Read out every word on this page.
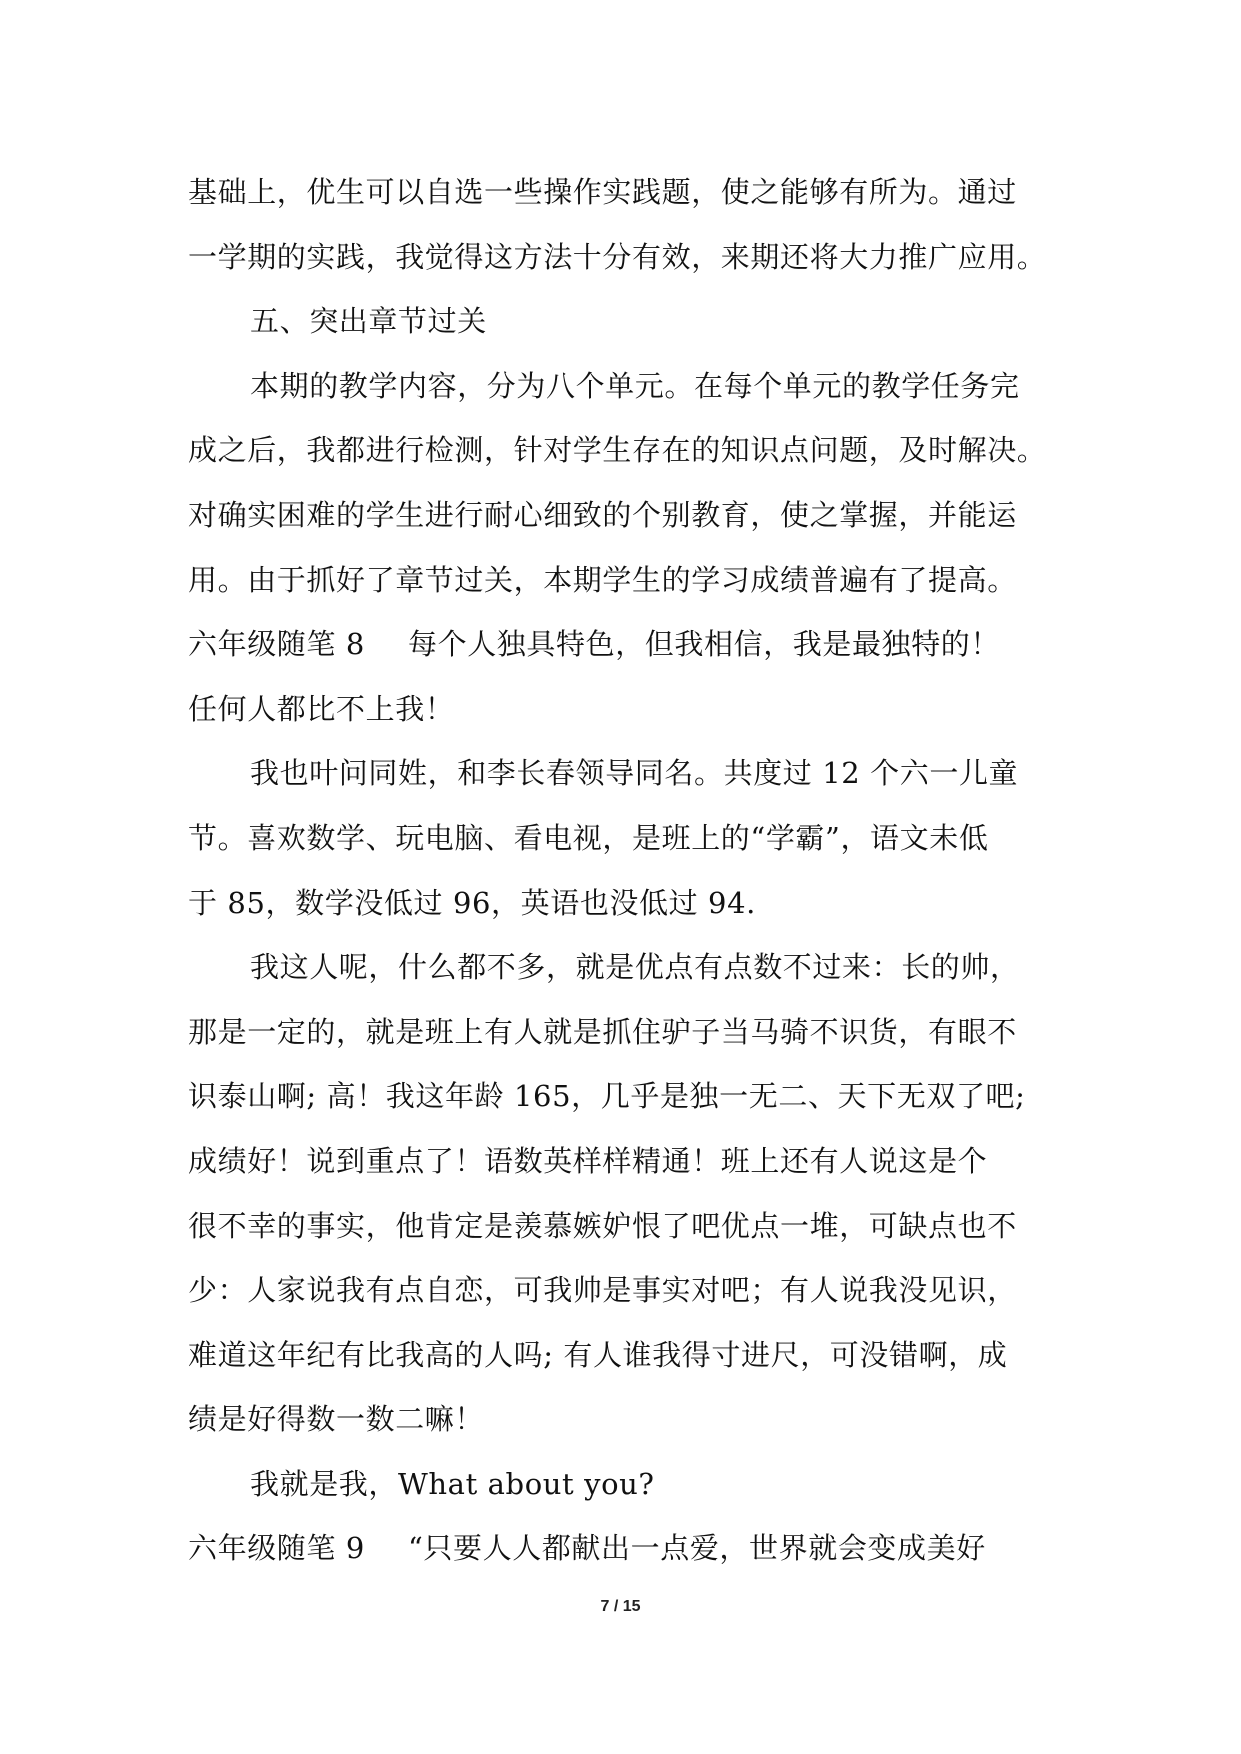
基础上，优生可以自选一些操作实践题，使之能够有所为。通过
一学期的实践，我觉得这方法十分有效，来期还将大力推广应用。
五、突出章节过关
本期的教学内容，分为八个单元。在每个单元的教学任务完
成之后，我都进行检测，针对学生存在的知识点问题，及时解决。
对确实困难的学生进行耐心细致的个别教育，使之掌握，并能运
用。由于抓好了章节过关，本期学生的学习成绩普遍有了提高。
六年级随笔 8 每个人独具特色，但我相信，我是最独特的！
任何人都比不上我！
我也叶问同姓，和李长春领导同名。共度过 12 个六一儿童
节。喜欢数学、玩电脑、看电视，是班上的“学霸”，语文未低
于 85，数学没低过 96，英语也没低过 94.
我这人呢，什么都不多，就是优点有点数不过来：长的帅，
那是一定的，就是班上有人就是抓住驴子当马骑不识货，有眼不
识泰山啊; 高！我这年龄 165，几乎是独一无二、天下无双了吧;
成绩好！说到重点了！语数英样样精通！班上还有人说这是个
很不幸的事实，他肯定是羡慕嫉妒恨了吧优点一堆，可缺点也不
少：人家说我有点自恋，可我帅是事实对吧；有人说我没见识，
难道这年纪有比我高的人吗; 有人谁我得寸进尺，可没错啊，成
绩是好得数一数二嘛！
我就是我，What about you?
六年级随笔 9 “只要人人都献出一点爱，世界就会变成美好
7 / 15
